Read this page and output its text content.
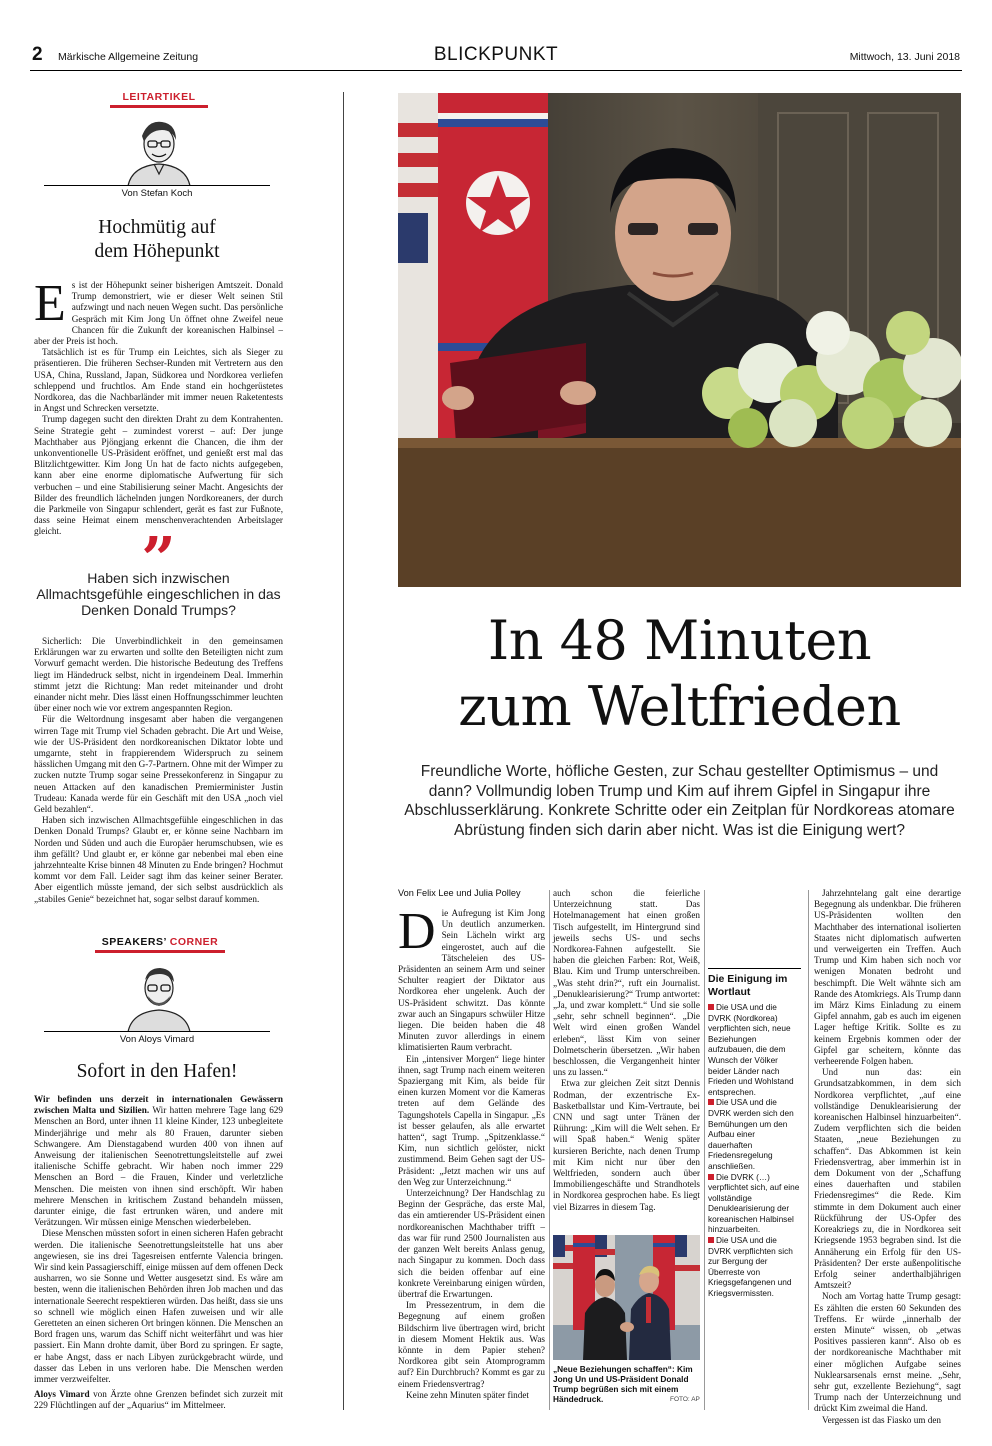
2 Märkische Allgemeine Zeitung	BLICKPUNKT	Mittwoch, 13. Juni 2018
LEITARTIKEL
Von Stefan Koch
Hochmütig auf
dem Höhepunkt

Es ist der Höhepunkt seiner bisherigen Amtszeit. Donald Trump demonstriert, wie er dieser Welt seinen Stil aufzwingt und nach neuen Wegen sucht. Das persönliche Gespräch mit Kim Jong Un öffnet ohne Zweifel neue Chancen für die Zukunft der koreanischen Halbinsel – aber der Preis ist hoch.

Tatsächlich ist es für Trump ein Leichtes, sich als Sieger zu präsentieren. Die früheren Sechser-Runden mit Vertretern aus den USA, China, Russland, Japan, Südkorea und Nordkorea verliefen schleppend und fruchtlos. Am Ende stand ein hochgerüstetes Nordkorea, das die Nachbarländer mit immer neuen Raketentests in Angst und Schrecken versetzte.

Trump dagegen sucht den direkten Draht zu dem Kontrahenten. Seine Strategie geht – zumindest vorerst – auf: Der junge Machthaber aus Pjöngjang erkennt die Chancen, die ihm der unkonventionelle US-Präsident eröffnet, und genießt erst mal das Blitzlichtgewitter. Kim Jong Un hat de facto nichts aufgegeben, kann aber eine enorme diplomatische Aufwertung für sich verbuchen – und eine Stabilisierung seiner Macht. Angesichts der Bilder des freundlich lächelnden jungen Nordkoreaners, der durch die Parkmeile von Singapur schlendert, gerät es fast zur Fußnote, dass seine Heimat einem menschenverachtenden Arbeitslager gleicht.	”
Haben sich inzwischen Allmachtsgefühle eingeschlichen in das Denken Donald Trumps?

Sicherlich: Die Unverbindlichkeit in den gemeinsamen Erklärungen war zu erwarten und sollte den Beteiligten nicht zum Vorwurf gemacht werden. Die historische Bedeutung des Treffens liegt im Händedruck selbst, nicht in irgendeinem Deal. Immerhin stimmt jetzt die Richtung: Man redet miteinander und droht einander nicht mehr. Dies lässt einen Hoffnungsschimmer leuchten über einer noch wie vor extrem angespannten Region.

Für die Weltordnung insgesamt aber haben die vergangenen wirren Tage mit Trump viel Schaden gebracht. Die Art und Weise, wie der US-Präsident den nordkoreanischen Diktator lobte und umgarnte, steht in frappierendem Widerspruch zu seinem hässlichen Umgang mit den G-7-Partnern. Ohne mit der Wimper zu zucken nutzte Trump sogar seine Pressekonferenz in Singapur zu neuen Attacken auf den kanadischen Premierminister Justin Trudeau: Kanada werde für ein Geschäft mit den USA „noch viel Geld bezahlen“.

Haben sich inzwischen Allmachtsgefühle eingeschlichen in das Denken Donald Trumps? Glaubt er, er könne seine Nachbarn im Norden und Süden und auch die Europäer herumschubsen, wie es ihm gefällt? Und glaubt er, er könne gar nebenbei mal eben eine jahrzehntealte Krise binnen 48 Minuten zu Ende bringen? Hochmut kommt vor dem Fall. Leider sagt ihm das keiner seiner Berater. Aber eigentlich müsste jemand, der sich selbst ausdrücklich als „stabiles Genie“ bezeichnet hat, sogar selbst darauf kommen.

SPEAKERS’ CORNER
Von Aloys Vimard
Sofort in den Hafen!

Wir befinden uns derzeit in internationalen Gewässern zwischen Malta und Sizilien. Wir hatten mehrere Tage lang 629 Menschen an Bord, unter ihnen 11 kleine Kinder, 123 unbegleitete Minderjährige und mehr als 80 Frauen, darunter sieben Schwangere. Am Dienstagabend wurden 400 von ihnen auf Anweisung der italienischen Seenotrettungsleitstelle auf zwei italienische Schiffe gebracht. Wir haben noch immer 229 Menschen an Bord – die Frauen, Kinder und verletzliche Menschen. Die meisten von ihnen sind erschöpft. Wir haben mehrere Menschen in kritischem Zustand behandeln müssen, darunter einige, die fast ertrunken wären, und andere mit Verätzungen. Wir müssen einige Menschen wiederbeleben.

Diese Menschen müssten sofort in einen sicheren Hafen gebracht werden. Die italienische Seenotrettungsleitstelle hat uns aber angewiesen, sie ins drei Tagesreisen entfernte Valencia bringen. Wir sind kein Passagierschiff, einige müssen auf dem offenen Deck ausharren, wo sie Sonne und Wetter ausgesetzt sind. Es wäre am besten, wenn die italienischen Behörden ihren Job machen und das internationale Seerecht respektieren würden. Das heißt, dass sie uns so schnell wie möglich einen Hafen zuweisen und wir alle Geretteten an einen sicheren Ort bringen können. Die Menschen an Bord fragen uns, warum das Schiff nicht weiterfährt und was hier passiert. Ein Mann drohte damit, über Bord zu springen. Er sagte, er habe Angst, dass er nach Libyen zurückgebracht würde, und dasser das Leben in uns verloren habe. Die Menschen werden immer verzweifelter.

Aloys Vimard von Ärzte ohne Grenzen befindet sich zurzeit mit 229 Flüchtlingen auf der „Aquarius“ im Mittelmeer.

In 48 Minuten
zum Weltfrieden
Freundliche Worte, höfliche Gesten, zur Schau gestellter Optimismus – und dann? Vollmundig loben Trump und Kim auf ihrem Gipfel in Singapur ihre Abschlusserklärung. Konkrete Schritte oder ein Zeitplan für Nordkoreas atomare Abrüstung finden sich darin aber nicht. Was ist die Einigung wert?
Von Felix Lee und Julia Polley

Die Aufregung ist Kim Jong Un deutlich anzumerken. Sein Lächeln wirkt arg eingerostet, auch auf die Tätscheleien des US-Präsidenten an seinem Arm und seiner Schulter reagiert der Diktator aus Nordkorea eher ungelenk. Auch der US-Präsident schwitzt. Das könnte zwar auch an Singapurs schwüler Hitze liegen. Die beiden haben die 48 Minuten zuvor allerdings in einem klimatisierten Raum verbracht.

Ein „intensiver Morgen“ liege hinter ihnen, sagt Trump nach einem weiteren Spaziergang mit Kim, als beide für einen kurzen Moment vor die Kameras treten auf dem Gelände des Tagungshotels Capella in Singapur. „Es ist besser gelaufen, als alle erwartet hatten“, sagt Trump. „Spitzenklasse.“ Kim, nun sichtlich gelöster, nickt zustimmend. Beim Gehen sagt der US-Präsident: „Jetzt machen wir uns auf den Weg zur Unterzeichnung.“

Unterzeichnung? Der Handschlag zu Beginn der Gespräche, das erste Mal, das ein amtierender US-Präsident einen nordkoreanischen Machthaber trifft – das war für rund 2500 Journalisten aus der ganzen Welt bereits Anlass genug, nach Singapur zu kommen. Doch dass sich die beiden offenbar auf eine konkrete Vereinbarung einigen würden, übertraf die Erwartungen.

Im Pressezentrum, in dem die Begegnung auf einem großen Bildschirm live übertragen wird, bricht in diesem Moment Hektik aus. Was könnte in dem Papier stehen? Nordkorea gibt sein Atomprogramm auf? Ein Durchbruch? Kommt es gar zu einem Friedensvertrag?

Keine zehn Minuten später findet

auch schon die feierliche Unterzeichnung statt. Das Hotelmanagement hat einen großen Tisch aufgestellt, im Hintergrund sind jeweils sechs US- und sechs Nordkorea-Fahnen aufgestellt. Sie haben die gleichen Farben: Rot, Weiß, Blau. Kim und Trump unterschreiben. „Was steht drin?“, ruft ein Journalist. „Denuklearisierung?“ Trump antwortet: „Ja, und zwar komplett.“ Und sie solle „sehr, sehr schnell beginnen“. „Die Welt wird einen großen Wandel erleben“, lässt Kim von seiner Dolmetscherin übersetzen. „Wir haben beschlossen, die Vergangenheit hinter uns zu lassen.“

Etwa zur gleichen Zeit sitzt Dennis Rodman, der exzentrische Ex-Basketballstar und Kim-Vertraute, bei CNN und sagt unter Tränen der Rührung: „Kim will die Welt sehen. Er will Spaß haben.“ Wenig später kursieren Berichte, nach denen Trump mit Kim nicht nur über den Weltfrieden, sondern auch über Immobiliengeschäfte und Strandhotels in Nordkorea gesprochen habe. Es liegt viel Bizarres in diesem Tag.

„Neue Beziehungen schaffen“: Kim Jong Un und US-Präsident Donald Trump begrüßen sich mit einem Händedruck.	FOTO: AP
Die Einigung im Wortlaut
Die USA und die DVRK (Nordkorea) verpflichten sich, neue Beziehungen aufzubauen, die dem Wunsch der Völker beider Länder nach Frieden und Wohlstand entsprechen.
Die USA und die DVRK werden sich den Bemühungen um den Aufbau einer dauerhaften Friedensregelung anschließen.
Die DVRK (…) verpflichtet sich, auf eine vollständige Denuklearisierung der koreanischen Halbinsel hinzuarbeiten.
Die USA und die DVRK verpflichten sich zur Bergung der Überreste von Kriegsgefangenen und Kriegsvermissten.

Jahrzehntelang galt eine derartige Begegnung als undenkbar. Die früheren US-Präsidenten wollten den Machthaber des international isolierten Staates nicht diplomatisch aufwerten und verweigerten ein Treffen. Auch Trump und Kim haben sich noch vor wenigen Monaten bedroht und beschimpft. Die Welt wähnte sich am Rande des Atomkriegs. Als Trump dann im März Kims Einladung zu einem Gipfel annahm, gab es auch im eigenen Lager heftige Kritik. Sollte es zu keinem Ergebnis kommen oder der Gipfel gar scheitern, könnte das verheerende Folgen haben.

Und nun das: ein Grundsatzabkommen, in dem sich Nordkorea verpflichtet, „auf eine vollständige Denuklearisierung der koreanischen Halbinsel hinzuarbeiten“. Zudem verpflichten sich die beiden Staaten, „neue Beziehungen zu schaffen“. Das Abkommen ist kein Friedensvertrag, aber immerhin ist in dem Dokument von der „Schaffung eines dauerhaften und stabilen Friedensregimes“ die Rede. Kim stimmte in dem Dokument auch einer Rückführung der US-Opfer des Koreakriegs zu, die in Nordkorea seit Kriegsende 1953 begraben sind. Ist die Annäherung ein Erfolg für den US-Präsidenten? Der erste außenpolitische Erfolg seiner anderthalbjährigen Amtszeit?

Noch am Vortag hatte Trump gesagt: Es zählten die ersten 60 Sekunden des Treffens. Er würde „innerhalb der ersten Minute“ wissen, ob „etwas Positives passieren kann“. Also ob es der nordkoreanische Machthaber mit einer möglichen Aufgabe seines Nuklearsarsenals ernst meine. „Sehr, sehr gut, exzellente Beziehung“, sagt Trump nach der Unterzeichnung und drückt Kim zweimal die Hand.

Vergessen ist das Fiasko um den
